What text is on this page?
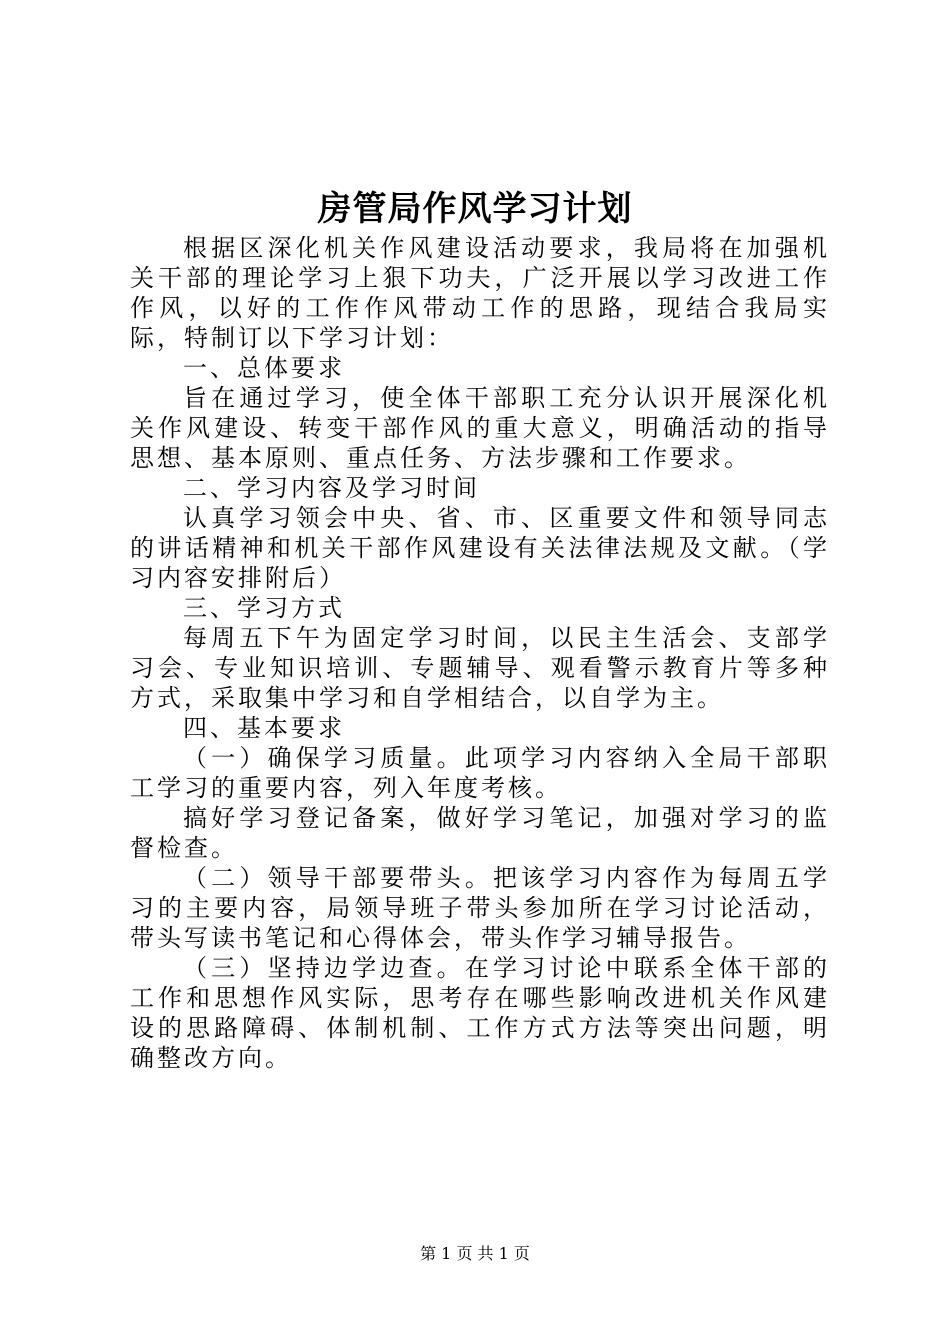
房管局作风学习计划

根据区深化机关作风建设活动要求，我局将在加强机关干部的理论学习上狠下功夫，广泛开展以学习改进工作作风，以好的工作作风带动工作的思路，现结合我局实际，特制订以下学习计划：

一、总体要求

旨在通过学习，使全体干部职工充分认识开展深化机关作风建设、转变干部作风的重大意义，明确活动的指导思想、基本原则、重点任务、方法步骤和工作要求。

二、学习内容及学习时间

认真学习领会中央、省、市、区重要文件和领导同志的讲话精神和机关干部作风建设有关法律法规及文献。（学习内容安排附后）

三、学习方式

每周五下午为固定学习时间，以民主生活会、支部学习会、专业知识培训、专题辅导、观看警示教育片等多种方式，采取集中学习和自学相结合，以自学为主。

四、基本要求

（一）确保学习质量。此项学习内容纳入全局干部职工学习的重要内容，列入年度考核。

搞好学习登记备案，做好学习笔记，加强对学习的监督检查。

（二）领导干部要带头。把该学习内容作为每周五学习的主要内容，局领导班子带头参加所在学习讨论活动，带头写读书笔记和心得体会，带头作学习辅导报告。

（三）坚持边学边查。在学习讨论中联系全体干部的工作和思想作风实际，思考存在哪些影响改进机关作风建设的思路障碍、体制机制、工作方式方法等突出问题，明确整改方向。

第 1 页 共 1 页
